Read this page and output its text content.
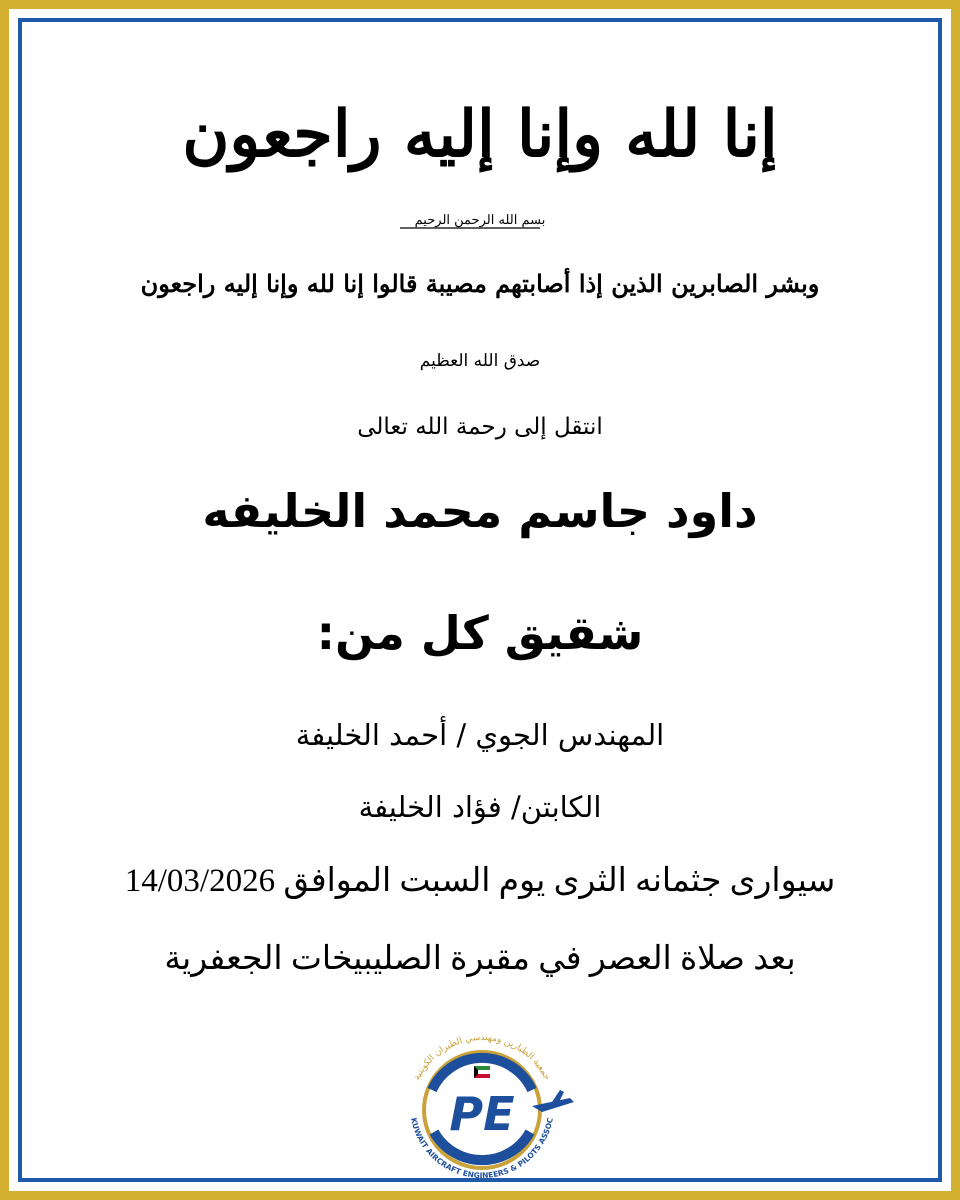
إنا لله وإنا إليه راجعون
بسم الله الرحمن الرحيم
وبشر الصابرين الذين إذا أصابتهم مصيبة قالوا إنا لله وإنا إليه راجعون
صدق الله العظيم
انتقل إلى رحمة الله تعالى
داود جاسم محمد الخليفه
شقيق كل من:
المهندس الجوي / أحمد الخليفة
الكابتن/ فؤاد الخليفة
سيوارى جثمانه الثرى يوم السبت الموافق 14/03/2026
بعد صلاة العصر في مقبرة الصليبيخات الجعفرية
PE
جمعية الطيارين ومهندسي الطيران الكويتية
KUWAIT AIRCRAFT ENGINEERS & PILOTS ASSOC
